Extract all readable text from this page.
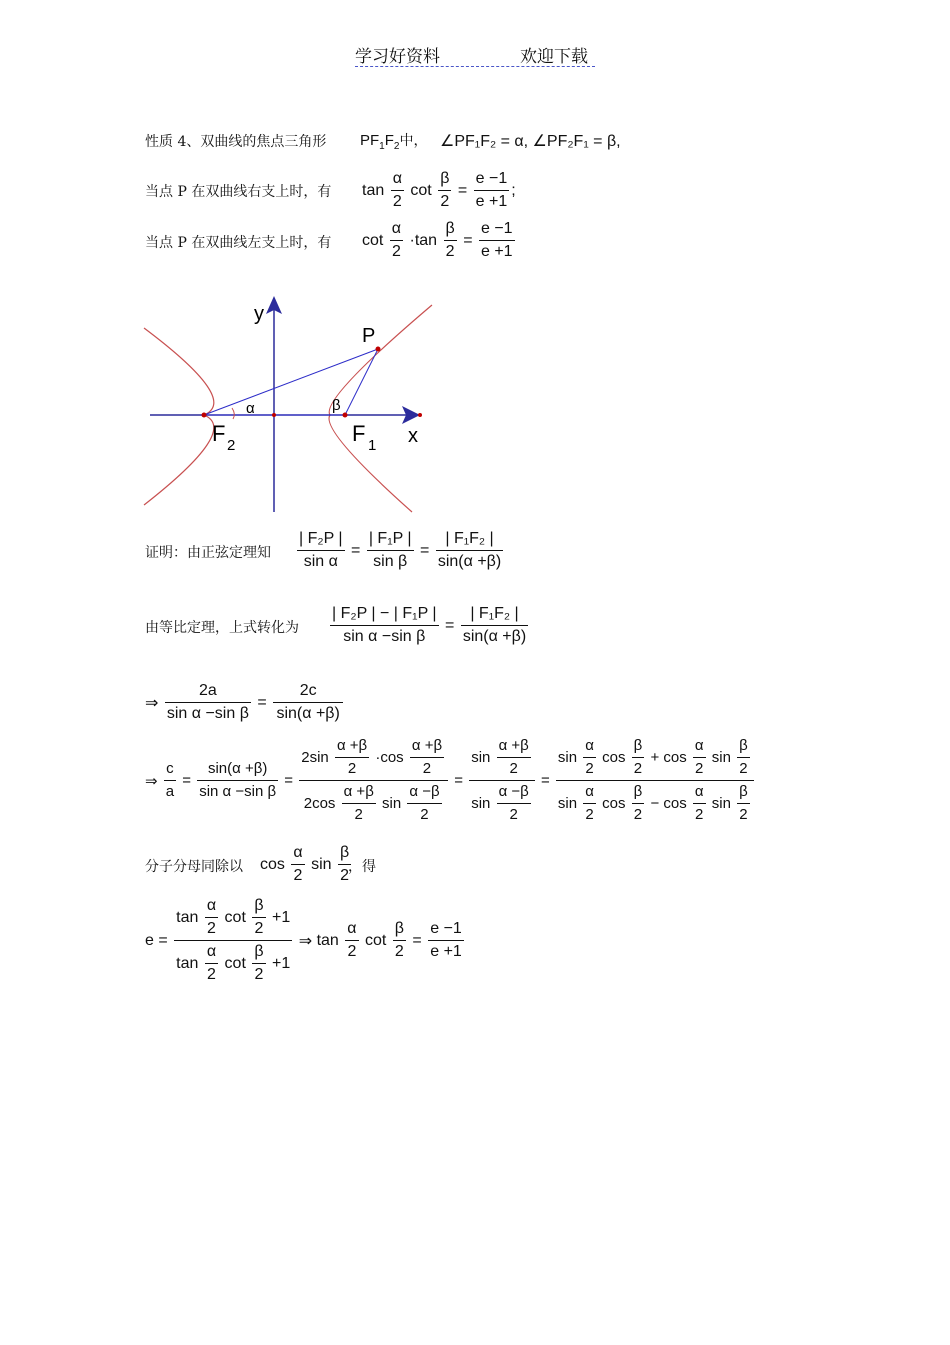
学习好资料	欢迎下载
性质 4、双曲线的焦点三角形 $PF_1F_2$中， ∠PF₁F₂ = α, ∠PF₂F₁ = β,
当点 P 在双曲线右支上时，有 $\tan \frac{\alpha}{2}$ $\cot \frac{\beta}{2} = \frac{e -1}{e +1}$ ;
当点 P 在双曲线左支上时，有 $\cot \frac{\alpha}{2} \cdot\tan \frac{\beta}{2} = \frac{e -1}{e +1}$
y
x
P
F 2	F 1
α	β
证明：由正弦定理知 $\frac{\text{| F₂P |}}{\text{sin α}} = \frac{\text{| F₁P |}}{\text{sin β}} = \frac{\text{| F₁F₂ |}}{\sin(\alpha +\beta)}$
由等比定理，上式转化为 $\frac{\text{| F₂P | − | F₁P |}}{\text{sin α −sin β}} = \frac{\text{| F₁F₂ |}}{\sin(\alpha +\beta)}$
⇒ $\frac{2a}{\text{sin α −sin β}} = \frac{2c}{\sin(\alpha +\beta)}$
⇒ $\frac{c}{a} = \frac{\sin(\alpha +\beta)}{\text{sin α −sin β}} = \frac{2\sin \frac{\alpha +\beta}{2} \cdot\cos \frac{\alpha +\beta}{2}}{2\cos \frac{\alpha +\beta}{2} \sin \frac{\alpha -\beta}{2}} = \frac{\sin \frac{\alpha +\beta}{2}}{\sin \frac{\alpha -\beta}{2}}$ =
$\sin \frac{\alpha}{2}$ $\cos \frac{\beta}{2} + \cos \frac{\alpha}{2}$ $\sin \frac{\beta}{2}$
$\sin \frac{\alpha}{2}$ $\cos \frac{\beta}{2} - \cos \frac{\alpha}{2}$ $\sin \frac{\beta}{2}$
分子分母同除以 $\cos \frac{\alpha}{2}$ $\sin \frac{\beta}{2}$
，得
$e = \frac{\tan \frac{\alpha}{2} \cot \frac{\beta}{2} +1}{\tan \frac{\alpha}{2} \cot \frac{\beta}{2} +1}$ ⇒ $\tan \frac{\alpha}{2}$ $\cot \frac{\beta}{2} = \frac{e -1}{e +1}$
